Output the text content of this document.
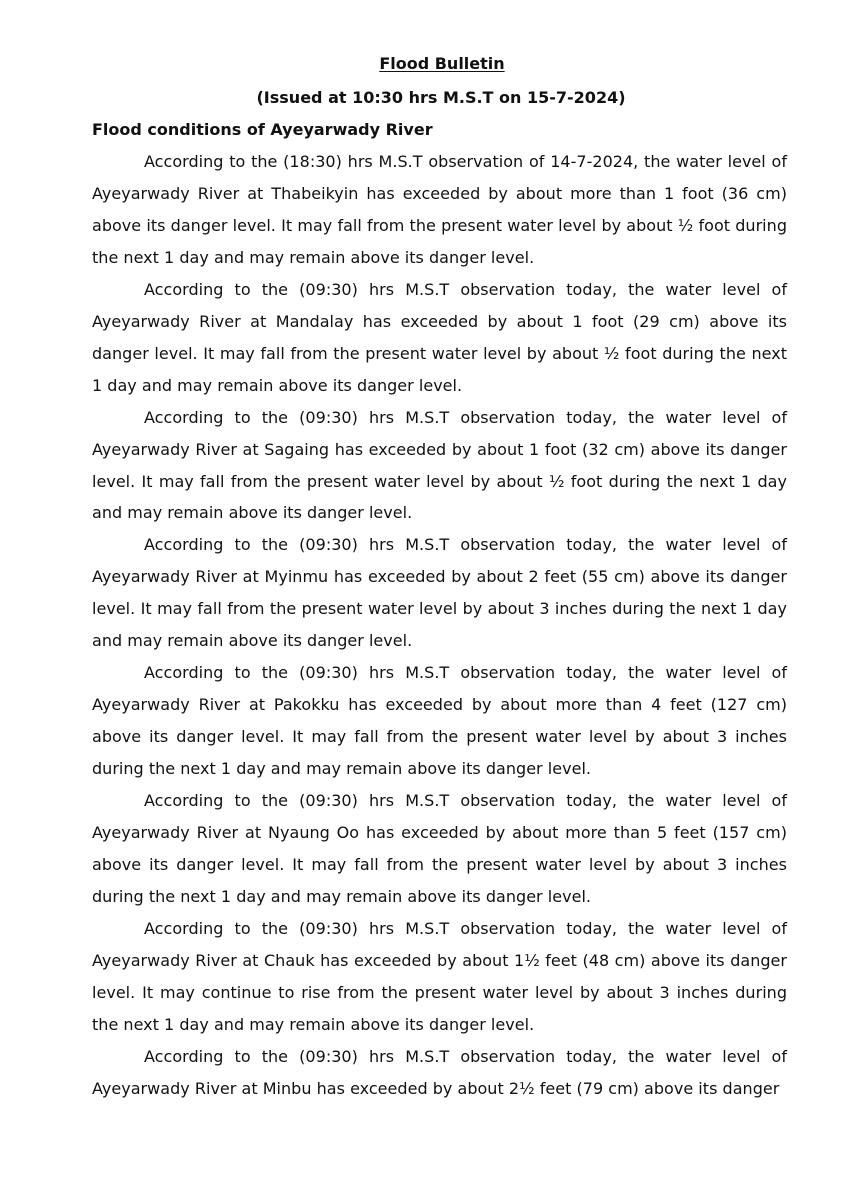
Flood Bulletin
(Issued at 10:30 hrs M.S.T on 15-7-2024)
Flood conditions of Ayeyarwady River

According to the (18:30) hrs M.S.T observation of 14-7-2024, the water level of Ayeyarwady River at Thabeikyin has exceeded by about more than 1 foot (36 cm) above its danger level. It may fall from the present water level by about ½ foot during the next 1 day and may remain above its danger level.

According to the (09:30) hrs M.S.T observation today, the water level of Ayeyarwady River at Mandalay has exceeded by about 1 foot (29 cm) above its danger level. It may fall from the present water level by about ½ foot during the next 1 day and may remain above its danger level.

According to the (09:30) hrs M.S.T observation today, the water level of Ayeyarwady River at Sagaing has exceeded by about 1 foot (32 cm) above its danger level. It may fall from the present water level by about ½ foot during the next 1 day and may remain above its danger level.

According to the (09:30) hrs M.S.T observation today, the water level of Ayeyarwady River at Myinmu has exceeded by about 2 feet (55 cm) above its danger level. It may fall from the present water level by about 3 inches during the next 1 day and may remain above its danger level.

According to the (09:30) hrs M.S.T observation today, the water level of Ayeyarwady River at Pakokku has exceeded by about more than 4 feet (127 cm) above its danger level. It may fall from the present water level by about 3 inches during the next 1 day and may remain above its danger level.

According to the (09:30) hrs M.S.T observation today, the water level of Ayeyarwady River at Nyaung Oo has exceeded by about more than 5 feet (157 cm) above its danger level. It may fall from the present water level by about 3 inches during the next 1 day and may remain above its danger level.

According to the (09:30) hrs M.S.T observation today, the water level of Ayeyarwady River at Chauk has exceeded by about 1½ feet (48 cm) above its danger level. It may continue to rise from the present water level by about 3 inches during the next 1 day and may remain above its danger level.

According to the (09:30) hrs M.S.T observation today, the water level of Ayeyarwady River at Minbu has exceeded by about 2½ feet (79 cm) above its danger
